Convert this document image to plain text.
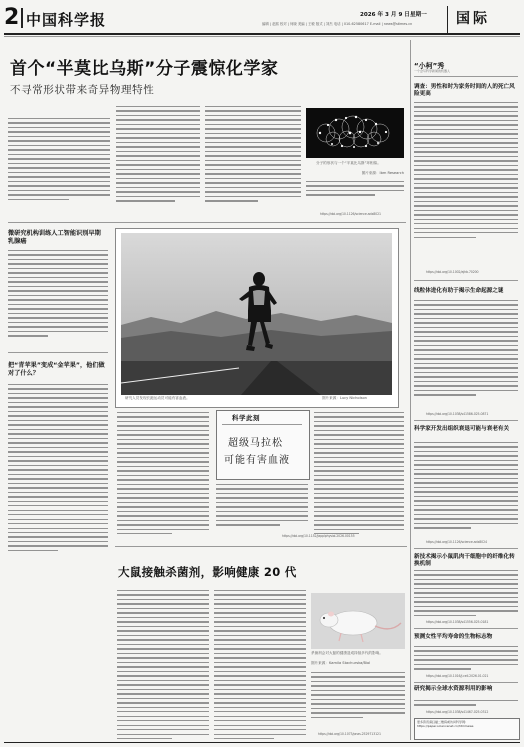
2 中国科学报	2026 年 3 月 9 日 星期一
编辑 | 赵熙 校对 | 何晓 美编 | 王敏 版式 | 刘杰 电话 | 010-62580617 E-mail | news@stimes.cn	国际
首个“半莫比乌斯”分子震惊化学家
不寻常形状带来奇异物理特性
分子的形状与一个“半莫比乌斯”环相似。
图片来源：Ibm Research
https://doi.org/10.1126/science.adx8021
微研究机构训练人工智能识别早期乳腺癌
把“青苹果”变成“金苹果”，他们做对了什么？
研究人员发现长跑运动员可能有害血液。	图片来源：Lucy Nicholson
科学此刻
超级马拉松
可能有害血液
https://doi.org/10.1152/japplphysiol.2026.00155
大鼠接触杀菌剂，影响健康 20 代
杀菌剂会对大鼠的健康造成持续多代的影响。
图片来源：Kamila Stachurska/Biol
https://doi.org/10.1073/pnas.2529713121
“小柯”秀
一个会写科学新闻的机器人
调查：男性和时为家务时间的人的死亡风险更高
https://doi.org/10.1002/ajhb.70200
线粒体进化有助于揭示生命起源之谜
https://doi.org/10.1038/s41586-025-0871
科学家开发出组织衰退可能与衰老有关
https://doi.org/10.1126/science.adx8024
新技术揭示小鼠肌肉干细胞中的纤维化转换机制
https://doi.org/10.1038/s41556-025-0181
预测女性平均寿命的生物标志物
https://doi.org/10.1016/j.cell.2026.01.021
研究揭示全球水资源利用的影响
https://doi.org/10.1038/s41467-025-0312
更多资讯请扫描二维码或访问科学网：https://paper.sciencenet.cn/htmlnews
